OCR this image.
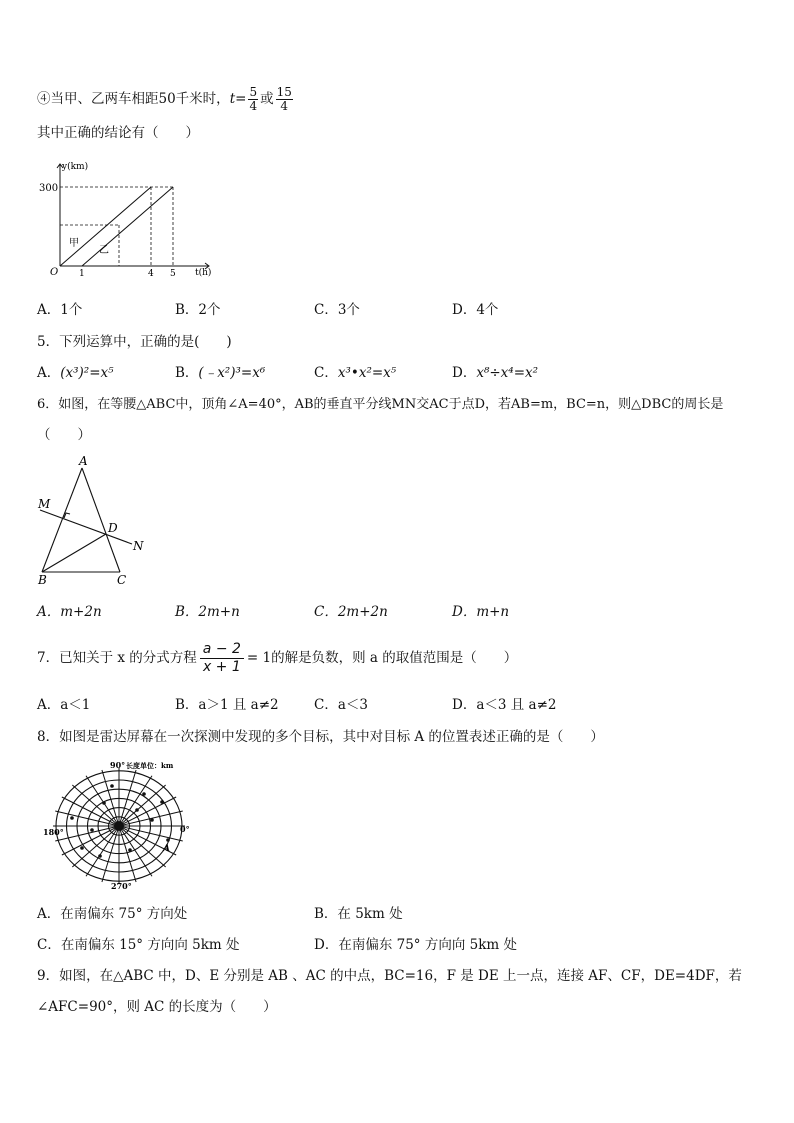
④当甲、乙两车相距50千米时，$t= \frac{5}{4}$ 或 $\frac{15}{4}$
其中正确的结论有（　　）
y(km)
t(h)
O
300
1	4 5
甲
乙
A．1个	B．2个	C．3个	D．4个
5．下列运算中，正确的是(　　)
A．(x³)²=x⁵	B．(﹣x²)³=x⁶	C．x³•x²=x⁵	D．x⁸÷x⁴=x²
6．如图，在等腰△ABC中，顶角∠A=40°，AB的垂直平分线MN交AC于点D，若AB=m，BC=n，则△DBC的周长是
（　　）
A
B	C
D
M
N
A．m+2n	B．2m+n	C．2m+2n	D．m+n
7．已知关于 x 的分式方程 $\frac{a - 2}{x + 1} = 1$的解是负数，则 a 的取值范围是（　　）
A．a＜1	B．a＞1 且 a≠2	C．a＜3	D．a＜3 且 a≠2
8．如图是雷达屏幕在一次探测中发现的多个目标，其中对目标 A 的位置表述正确的是（　　）
90° 长度单位：km
180°	0°
270°
A
A．在南偏东 75° 方向处	B．在 5km 处
C．在南偏东 15° 方向向 5km 处	D．在南偏东 75° 方向向 5km 处
9．如图，在△ABC 中，D、E 分别是 AB 、AC 的中点，BC=16，F 是 DE 上一点，连接 AF、CF，DE=4DF，若
∠AFC=90°，则 AC 的长度为（　　）
